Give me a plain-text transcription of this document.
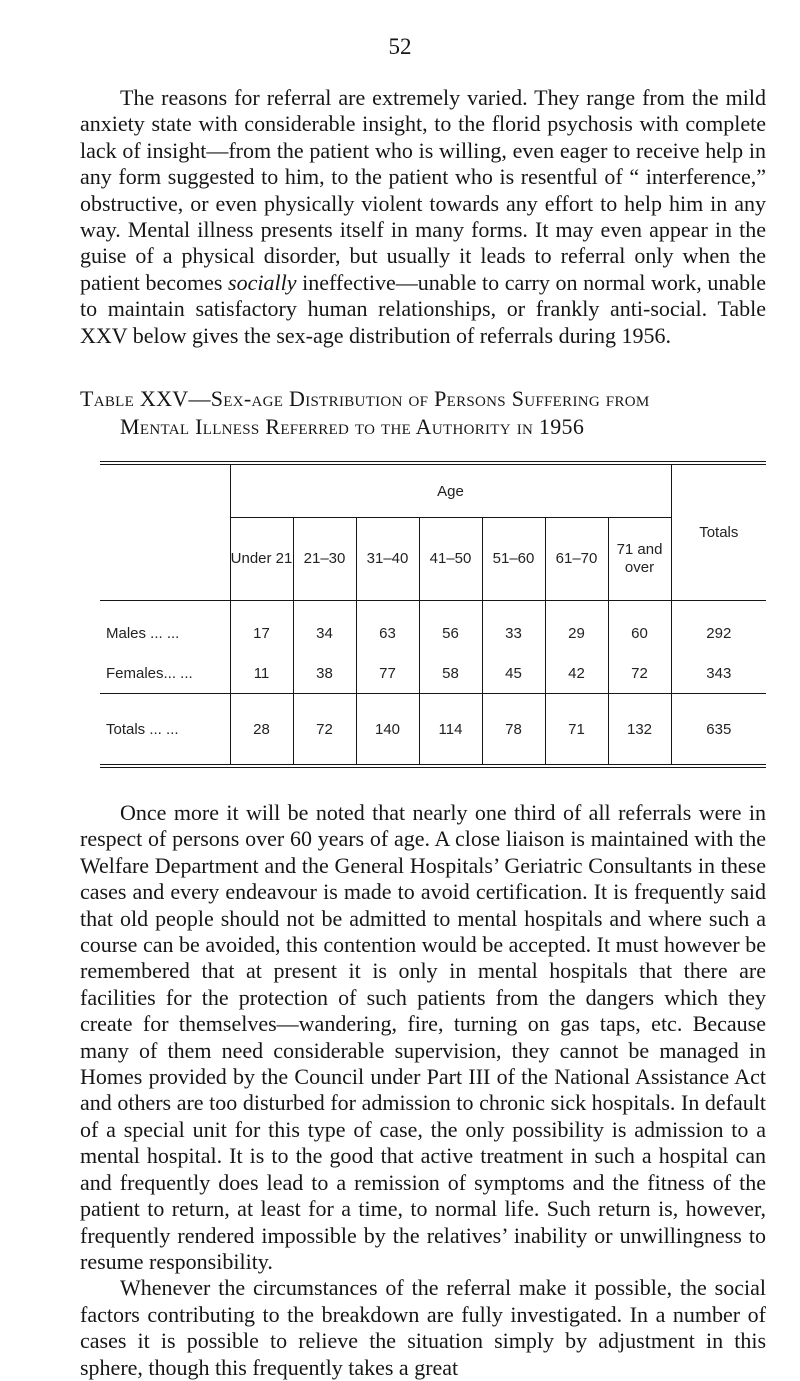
52

The reasons for referral are extremely varied. They range from the mild anxiety state with considerable insight, to the florid psychosis with complete lack of insight—from the patient who is willing, even eager to receive help in any form suggested to him, to the patient who is resentful of “ interference,” obstructive, or even physically violent towards any effort to help him in any way. Mental illness presents itself in many forms. It may even appear in the guise of a physical disorder, but usually it leads to referral only when the patient becomes socially ineffective—unable to carry on normal work, unable to maintain satisfactory human relationships, or frankly anti-social. Table XXV below gives the sex-age distribution of referrals during 1956.

Table XXV—Sex-age Distribution of Persons Suffering from
Mental Illness Referred to the Authority in 1956
	Age							Totals
	Under 21	21–30	31–40	41–50	51–60	61–70	71 and over	
Males ... ...	17	34	63	56	33	29	60	292
Females... ...	11	38	77	58	45	42	72	343
Totals ... ...	28	72	140	114	78	71	132	635

Once more it will be noted that nearly one third of all referrals were in respect of persons over 60 years of age. A close liaison is maintained with the Welfare Department and the General Hospitals’ Geriatric Consultants in these cases and every endeavour is made to avoid certification. It is frequently said that old people should not be admitted to mental hospitals and where such a course can be avoided, this contention would be accepted. It must however be remembered that at present it is only in mental hospitals that there are facilities for the protection of such patients from the dangers which they create for themselves—wandering, fire, turning on gas taps, etc. Because many of them need considerable supervision, they cannot be managed in Homes provided by the Council under Part III of the National Assistance Act and others are too disturbed for admission to chronic sick hospitals. In default of a special unit for this type of case, the only possibility is admission to a mental hospital. It is to the good that active treatment in such a hospital can and frequently does lead to a remission of symptoms and the fitness of the patient to return, at least for a time, to normal life. Such return is, however, frequently rendered impossible by the relatives’ inability or unwillingness to resume responsibility.

Whenever the circumstances of the referral make it possible, the social factors contributing to the breakdown are fully investigated. In a number of cases it is possible to relieve the situation simply by adjustment in this sphere, though this frequently takes a great
